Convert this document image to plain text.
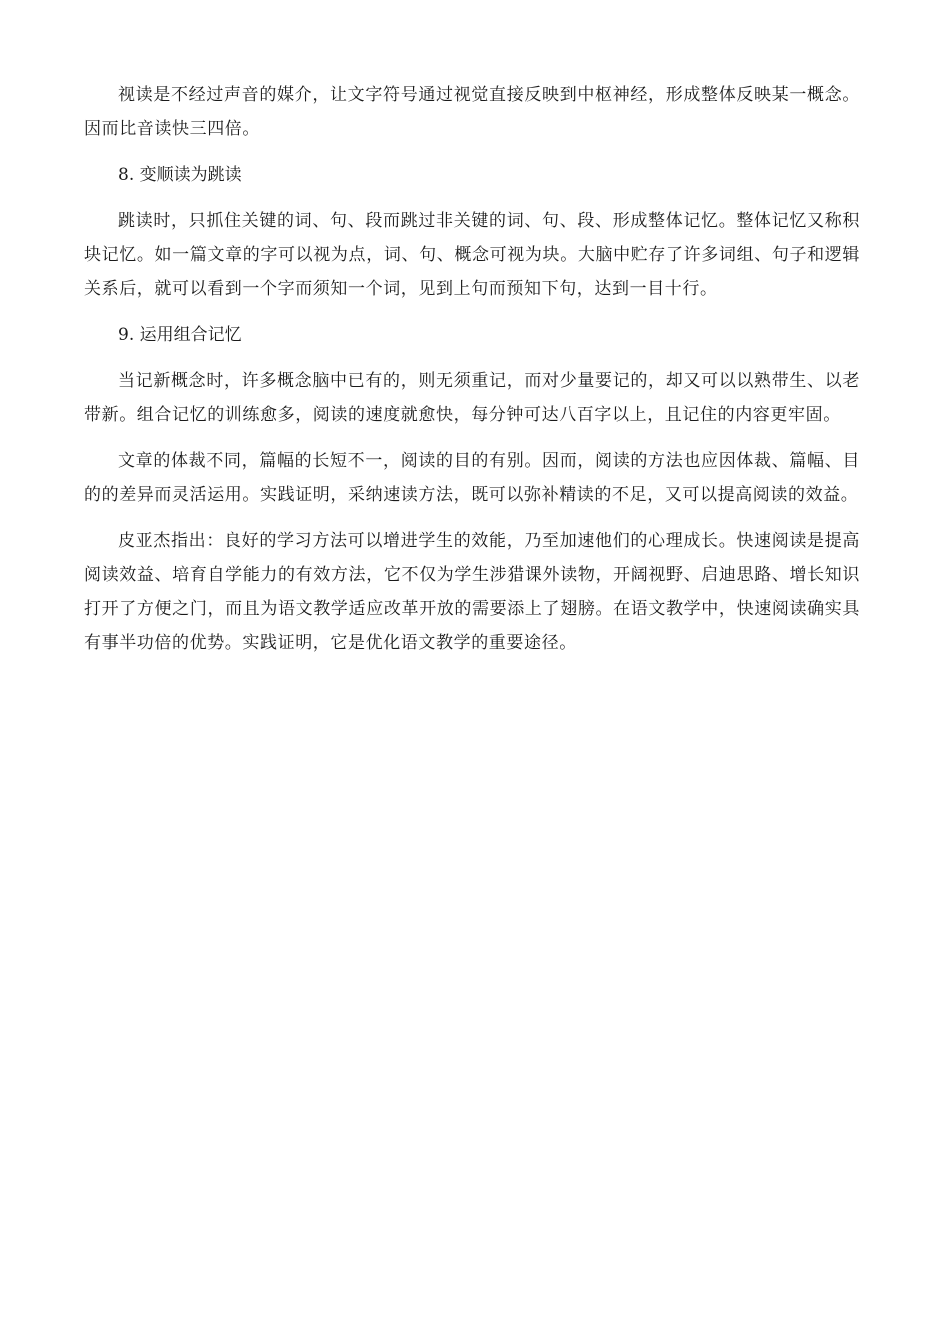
视读是不经过声音的媒介，让文字符号通过视觉直接反映到中枢神经，形成整体反映某一概念。因而比音读快三四倍。

8. 变顺读为跳读

跳读时，只抓住关键的词、句、段而跳过非关键的词、句、段、形成整体记忆。整体记忆又称积块记忆。如一篇文章的字可以视为点，词、句、概念可视为块。大脑中贮存了许多词组、句子和逻辑关系后，就可以看到一个字而须知一个词，见到上句而预知下句，达到一目十行。

9. 运用组合记忆

当记新概念时，许多概念脑中已有的，则无须重记，而对少量要记的，却又可以以熟带生、以老带新。组合记忆的训练愈多，阅读的速度就愈快，每分钟可达八百字以上，且记住的内容更牢固。

文章的体裁不同，篇幅的长短不一，阅读的目的有别。因而，阅读的方法也应因体裁、篇幅、目的的差异而灵活运用。实践证明，采纳速读方法，既可以弥补精读的不足，又可以提高阅读的效益。

皮亚杰指出：良好的学习方法可以增进学生的效能，乃至加速他们的心理成长。快速阅读是提高阅读效益、培育自学能力的有效方法，它不仅为学生涉猎课外读物，开阔视野、启迪思路、增长知识打开了方便之门，而且为语文教学适应改革开放的需要添上了翅膀。在语文教学中，快速阅读确实具有事半功倍的优势。实践证明，它是优化语文教学的重要途径。
